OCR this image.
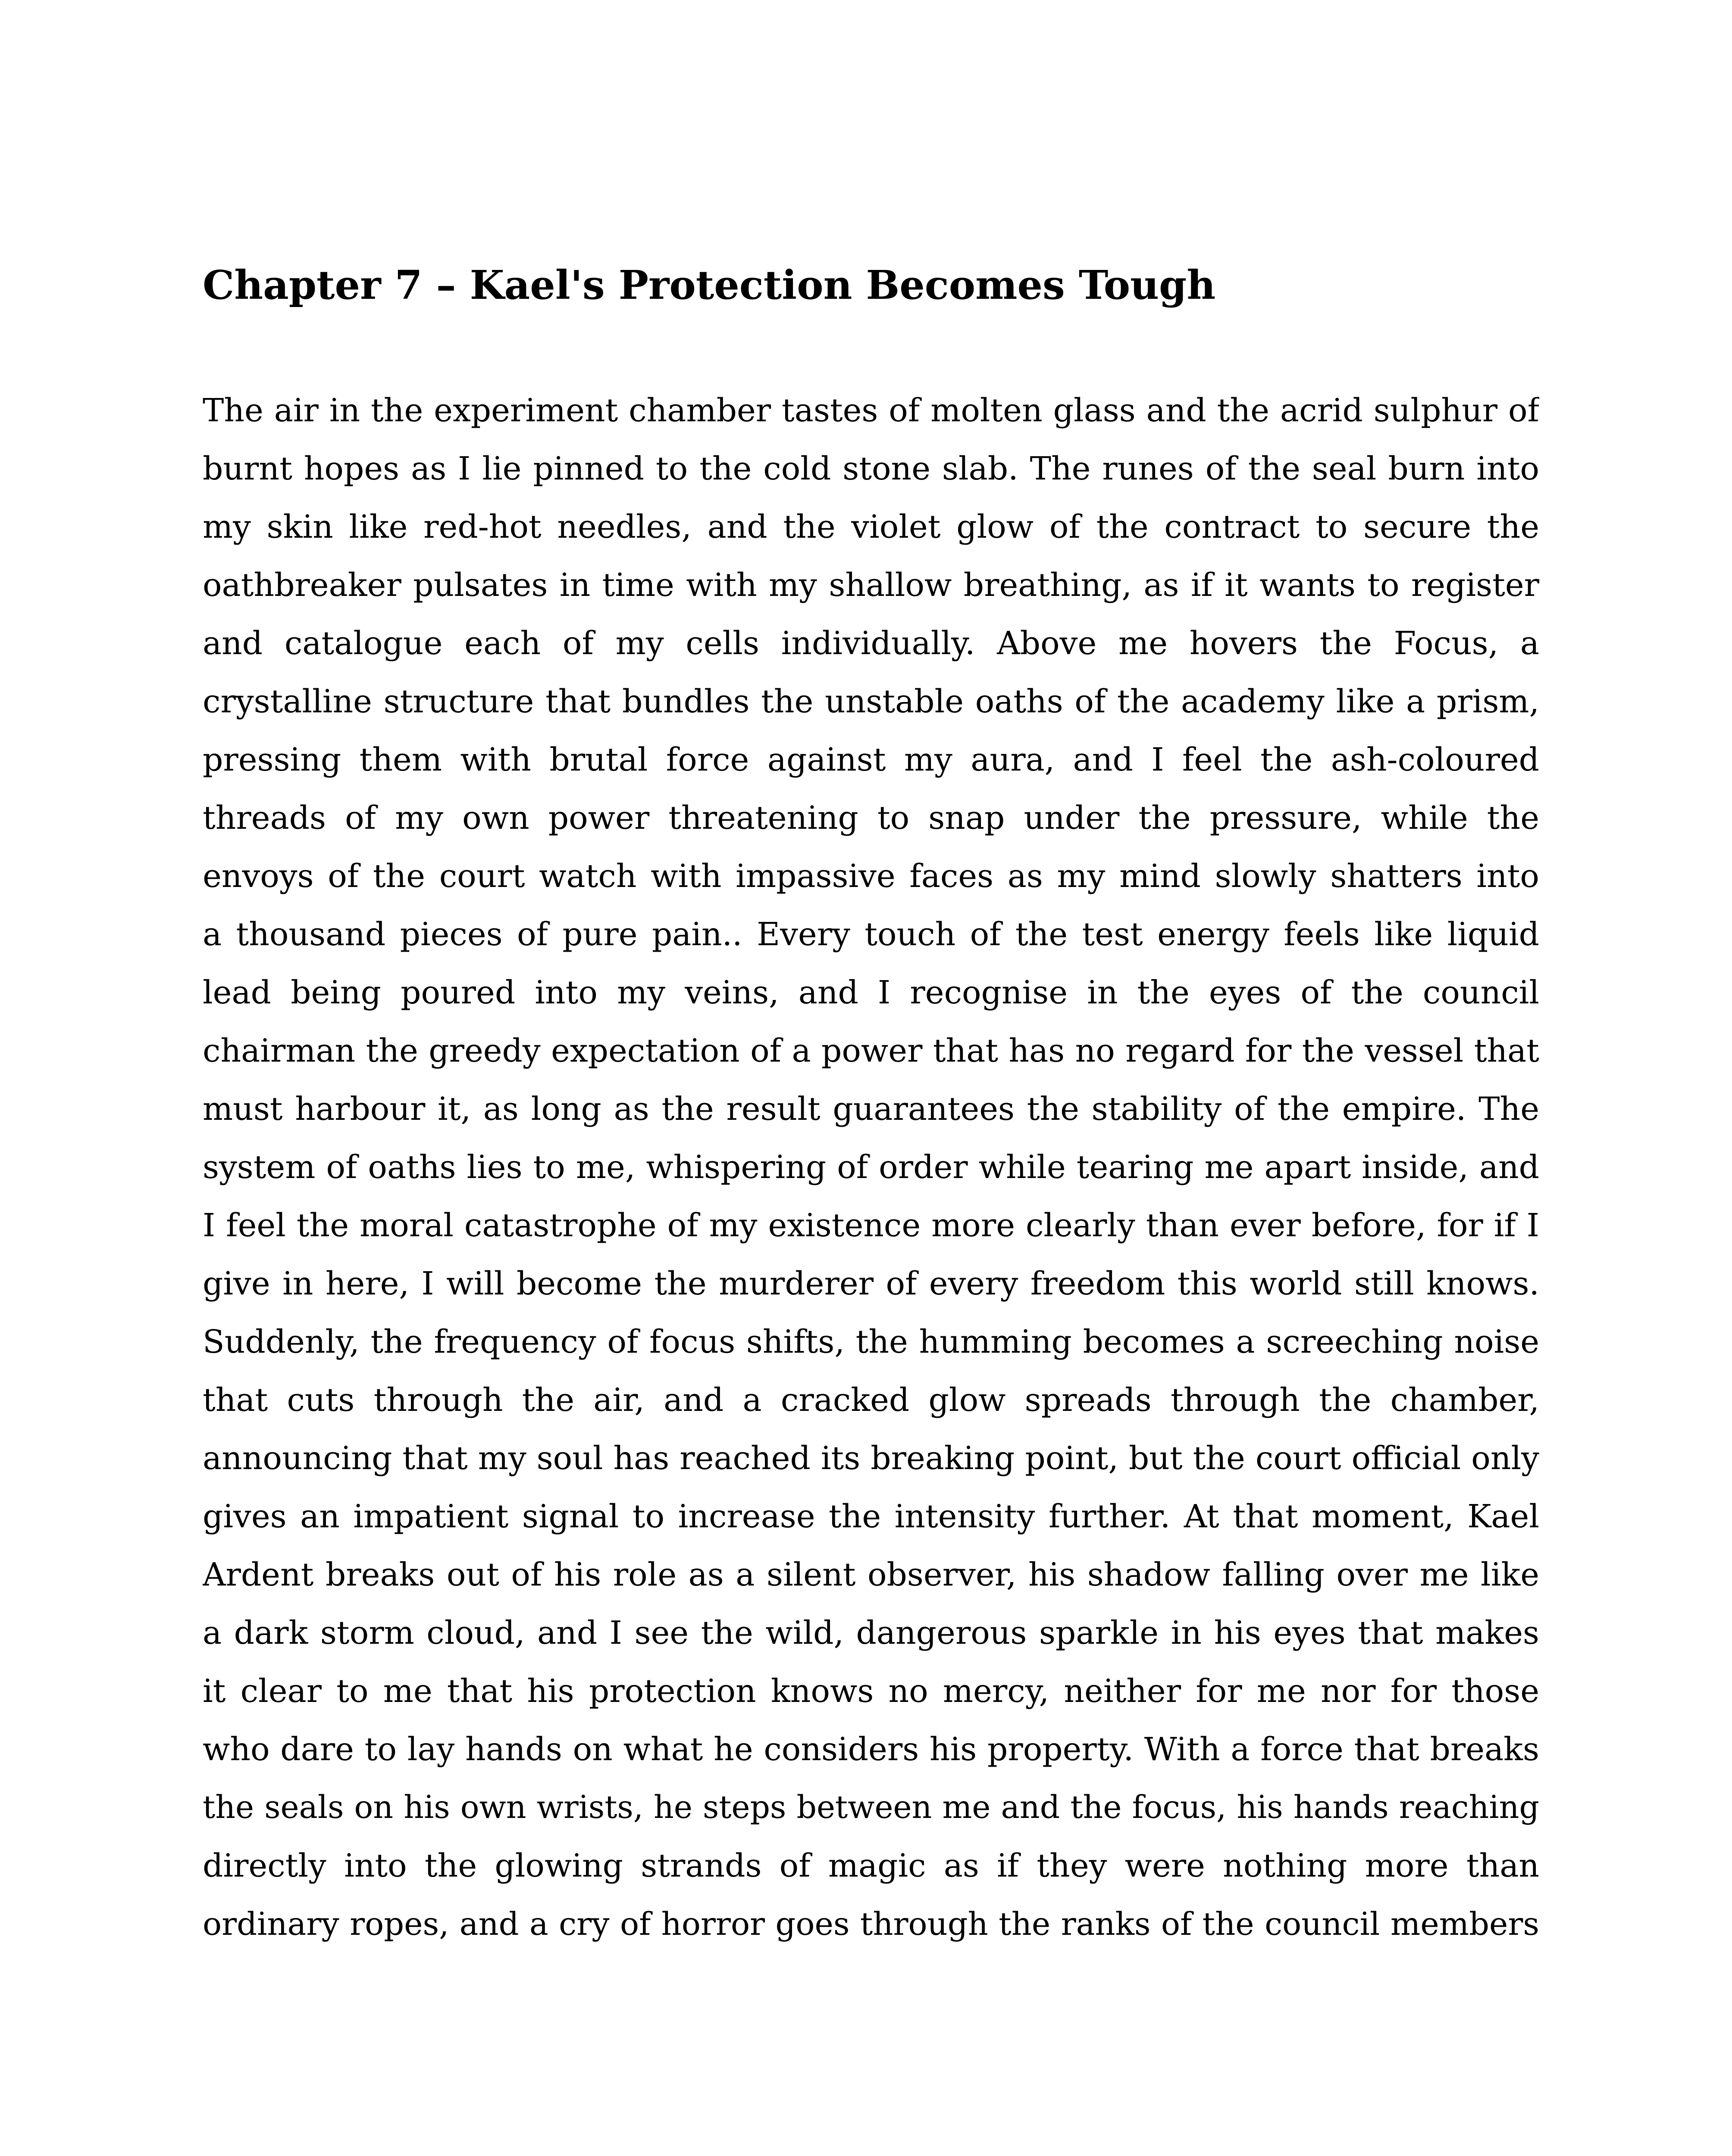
Chapter 7 – Kael's Protection Becomes Tough
The air in the experiment chamber tastes of molten glass and the acrid sulphur of
burnt hopes as I lie pinned to the cold stone slab. The runes of the seal burn into
my skin like red-hot needles, and the violet glow of the contract to secure the
oathbreaker pulsates in time with my shallow breathing, as if it wants to register
and catalogue each of my cells individually. Above me hovers the Focus, a
crystalline structure that bundles the unstable oaths of the academy like a prism,
pressing them with brutal force against my aura, and I feel the ash-coloured
threads of my own power threatening to snap under the pressure, while the
envoys of the court watch with impassive faces as my mind slowly shatters into
a thousand pieces of pure pain.. Every touch of the test energy feels like liquid
lead being poured into my veins, and I recognise in the eyes of the council
chairman the greedy expectation of a power that has no regard for the vessel that
must harbour it, as long as the result guarantees the stability of the empire. The
system of oaths lies to me, whispering of order while tearing me apart inside, and
I feel the moral catastrophe of my existence more clearly than ever before, for if I
give in here, I will become the murderer of every freedom this world still knows.
Suddenly, the frequency of focus shifts, the humming becomes a screeching noise
that cuts through the air, and a cracked glow spreads through the chamber,
announcing that my soul has reached its breaking point, but the court official only
gives an impatient signal to increase the intensity further. At that moment, Kael
Ardent breaks out of his role as a silent observer, his shadow falling over me like
a dark storm cloud, and I see the wild, dangerous sparkle in his eyes that makes
it clear to me that his protection knows no mercy, neither for me nor for those
who dare to lay hands on what he considers his property. With a force that breaks
the seals on his own wrists, he steps between me and the focus, his hands reaching
directly into the glowing strands of magic as if they were nothing more than
ordinary ropes, and a cry of horror goes through the ranks of the council members
